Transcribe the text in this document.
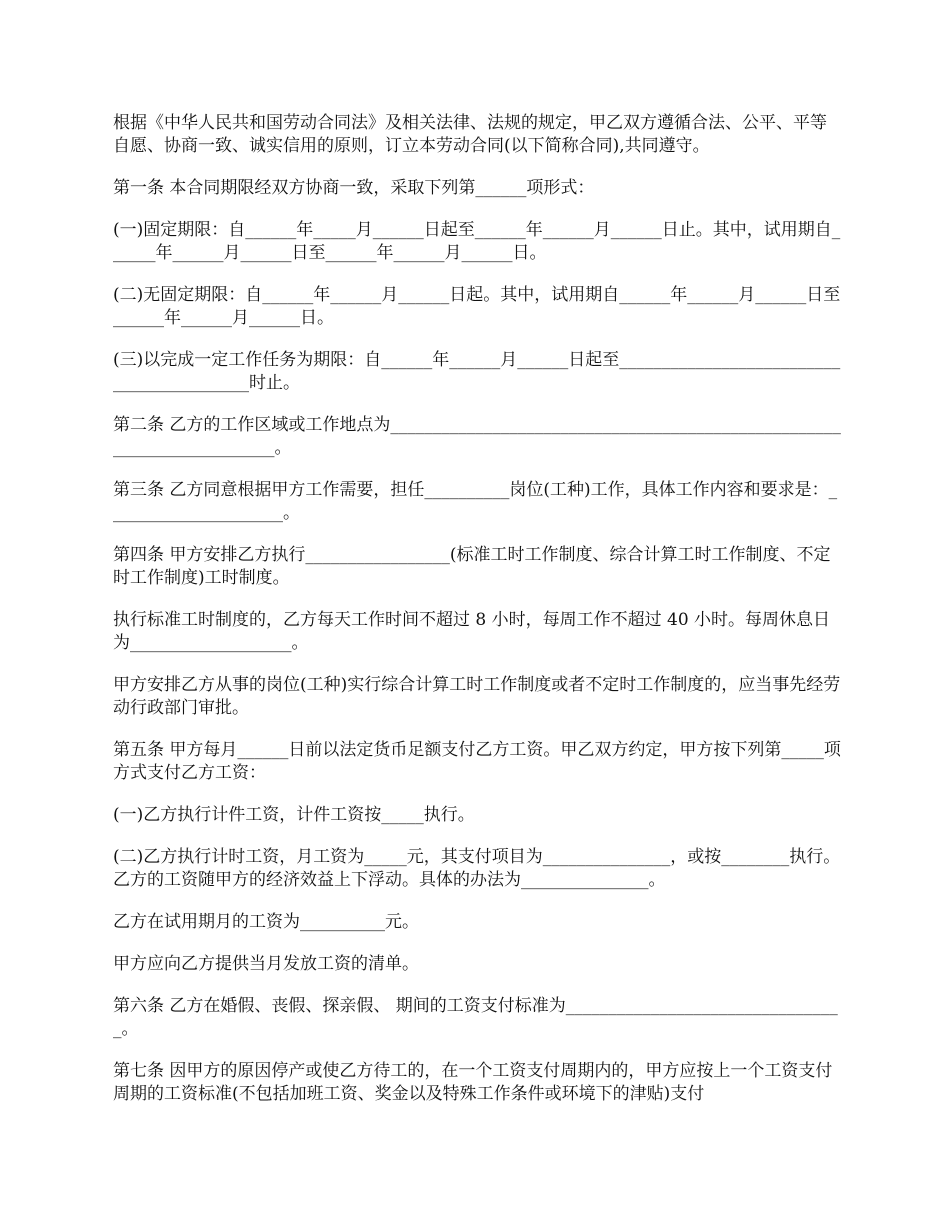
根据《中华人民共和国劳动合同法》及相关法律、法规的规定，甲乙双方遵循合法、公平、平等自愿、协商一致、诚实信用的原则，订立本劳动合同(以下简称合同),共同遵守。

第一条 本合同期限经双方协商一致，采取下列第______项形式：

(一)固定期限：自______年_____月______日起至______年______月______日止。其中，试用期自______年______月______日至______年______月______日。

(二)无固定期限：自______年______月______日起。其中，试用期自______年______月______日至______年______月______日。

(三)以完成一定工作任务为期限：自______年______月______日起至__________________________________________时止。

第二条 乙方的工作区域或工作地点为________________________________________________________________________。

第三条 乙方同意根据甲方工作需要，担任__________岗位(工种)工作，具体工作内容和要求是：_____________________。

第四条 甲方安排乙方执行_________________(标准工时工作制度、综合计算工时工作制度、不定时工作制度)工时制度。

执行标准工时制度的，乙方每天工作时间不超过 8 小时，每周工作不超过 40 小时。每周休息日为___________________。

甲方安排乙方从事的岗位(工种)实行综合计算工时工作制度或者不定时工作制度的，应当事先经劳动行政部门审批。

第五条 甲方每月______日前以法定货币足额支付乙方工资。甲乙双方约定，甲方按下列第_____项方式支付乙方工资：

(一)乙方执行计件工资，计件工资按_____执行。

(二)乙方执行计时工资，月工资为_____元，其支付项目为_______________，或按________执行。乙方的工资随甲方的经济效益上下浮动。具体的办法为_______________。

乙方在试用期月的工资为__________元。

甲方应向乙方提供当月发放工资的清单。

第六条 乙方在婚假、丧假、探亲假、 期间的工资支付标准为_________________________________。

第七条 因甲方的原因停产或使乙方待工的，在一个工资支付周期内的，甲方应按上一个工资支付周期的工资标准(不包括加班工资、奖金以及特殊工作条件或环境下的津贴)支付
